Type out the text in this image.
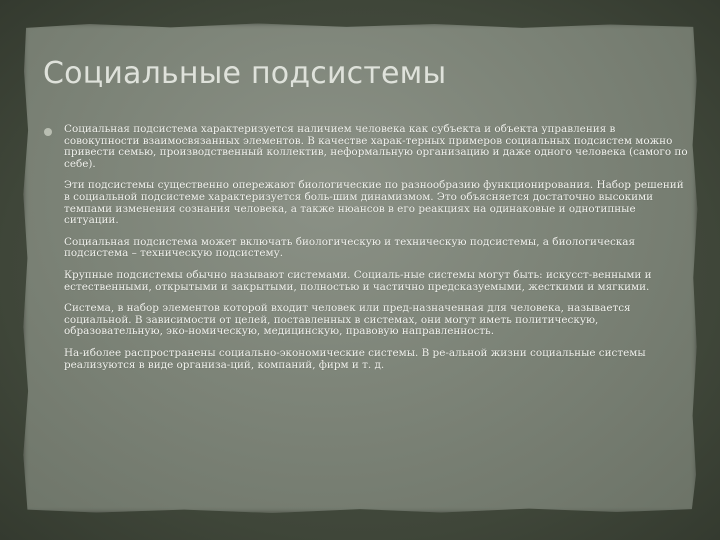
Социальные подсистемы

Социальная подсистема характеризуется наличием человека как субъекта и объекта управления в совокупности взаимосвязанных элементов. В качестве харак-терных примеров социальных подсистем можно привести семью, производственный коллектив, неформальную организацию и даже одного человека (самого по себе).

Эти подсистемы существенно опережают биологические по разнообразию функционирования. Набор решений в социальной подсистеме характеризуется боль-шим динамизмом. Это объясняется достаточно высокими темпами изменения сознания человека, а также нюансов в его реакциях на одинаковые и однотипные ситуации.

Социальная подсистема может включать биологическую и техническую подсистемы, а биологическая подсистема – техническую подсистему.

Крупные подсистемы обычно называют системами. Социаль-ные системы могут быть: искусст-венными и естественными, открытыми и закрытыми, полностью и частично предсказуемыми, жесткими и мягкими.

Система, в набор элементов которой входит человек или пред-назначенная для человека, называется социальной. В зависимости от целей, поставленных в системах, они могут иметь политическую, образовательную, эко-номическую, медицинскую, правовую направленность.

На-иболее распространены социально-экономические системы. В ре-альной жизни социальные системы реализуются в виде организа-ций, компаний, фирм и т. д.
